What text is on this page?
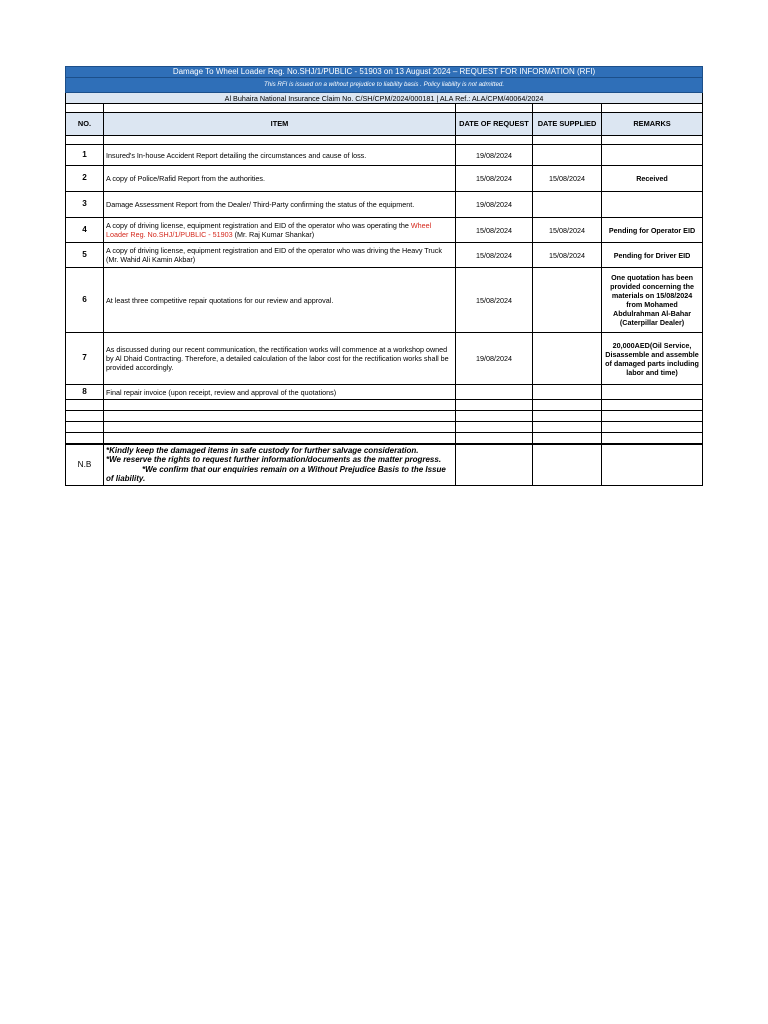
Damage To Wheel Loader Reg. No.SHJ/1/PUBLIC - 51903 on 13 August 2024 – REQUEST FOR INFORMATION (RFI)				
This RFI is issued on a without prejudice to liability basis . Policy liability is not admitted.				
Al Buhaira National Insurance Claim No. C/SH/CPM/2024/000181 | ALA Ref.: ALA/CPM/40064/2024				

NO.	ITEM	DATE OF REQUEST	DATE SUPPLIED	REMARKS

1	Insured's In-house Accident Report detailing the circumstances and cause of loss.	19/08/2024		
2	A copy of Police/Rafid Report from the authorities.	15/08/2024	15/08/2024	Received
3	Damage Assessment Report from the Dealer/ Third-Party confirming the status of the equipment.	19/08/2024		
4	A copy of driving license, equipment registration and EID of the operator who was operating the Wheel Loader Reg. No.SHJ/1/PUBLIC - 51903 (Mr. Raj Kumar Shankar)	15/08/2024	15/08/2024	Pending for Operator EID
5	A copy of driving license, equipment registration and EID of the operator who was driving the Heavy Truck (Mr. Wahid Ali Kamin Akbar)	15/08/2024	15/08/2024	Pending for Driver EID
6	At least three competitive repair quotations for our review and approval.	15/08/2024		One quotation has been provided concerning the materials on 15/08/2024 from Mohamed Abdulrahman Al-Bahar (Caterpillar Dealer)
7	As discussed during our recent communication, the rectification works will commence at a workshop owned by Al Dhaid Contracting. Therefore, a detailed calculation of the labor cost for the rectification works shall be provided accordingly.	19/08/2024		20,000AED(Oil Service, Disassemble and assemble of damaged parts including labor and time)
8	Final repair invoice (upon receipt, review and approval of the quotations)			

N.B	*Kindly keep the damaged items in safe custody for further salvage consideration.
*We reserve the rights to request further information/documents as the matter progress.
*We confirm that our enquiries remain on a Without Prejudice Basis to the Issue of liability.			
